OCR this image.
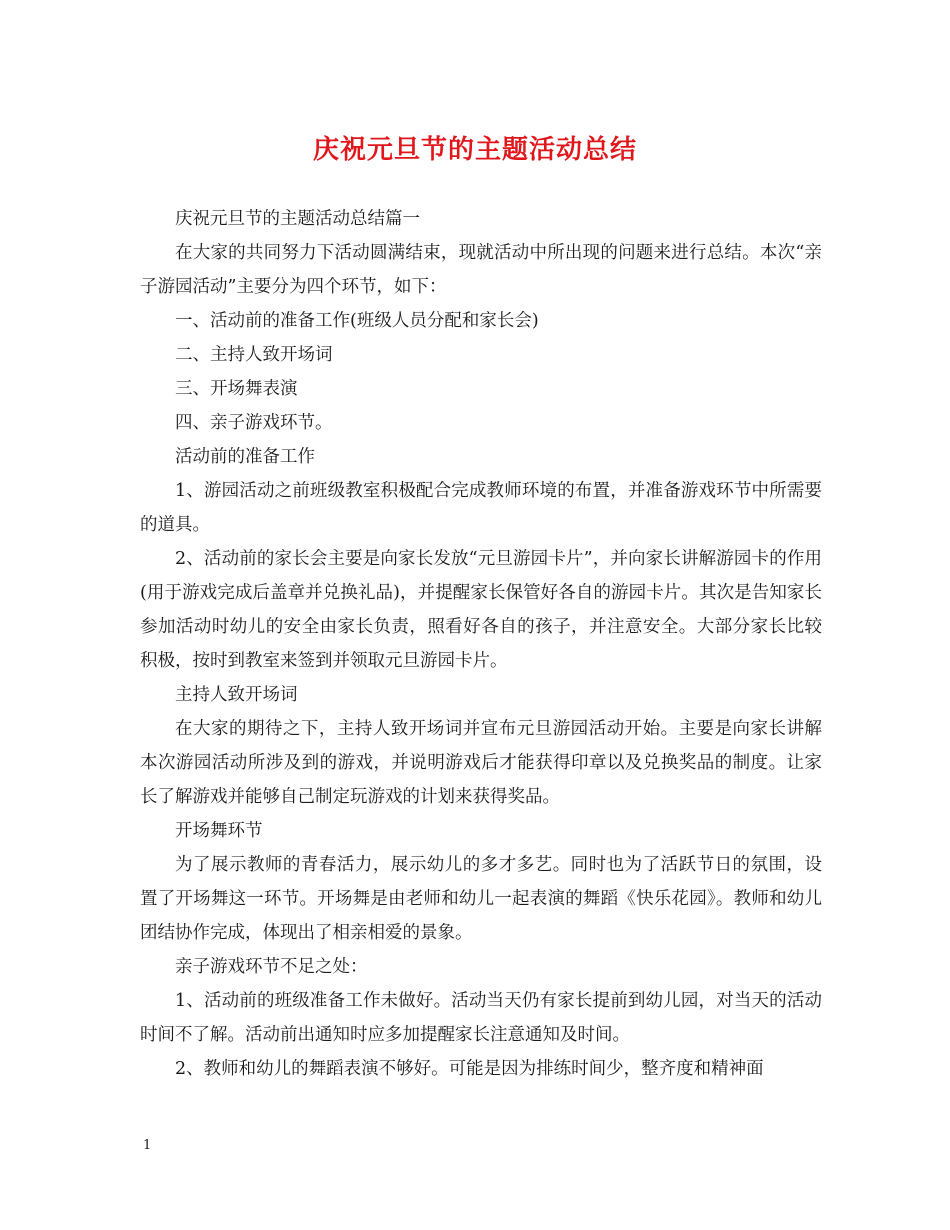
庆祝元旦节的主题活动总结

庆祝元旦节的主题活动总结篇一

在大家的共同努力下活动圆满结束，现就活动中所出现的问题来进行总结。本次“亲子游园活动”主要分为四个环节，如下：

一、活动前的准备工作(班级人员分配和家长会)

二、主持人致开场词

三、开场舞表演

四、亲子游戏环节。

活动前的准备工作

1、游园活动之前班级教室积极配合完成教师环境的布置，并准备游戏环节中所需要的道具。

2、活动前的家长会主要是向家长发放“元旦游园卡片”，并向家长讲解游园卡的作用(用于游戏完成后盖章并兑换礼品)，并提醒家长保管好各自的游园卡片。其次是告知家长参加活动时幼儿的安全由家长负责，照看好各自的孩子，并注意安全。大部分家长比较积极，按时到教室来签到并领取元旦游园卡片。

主持人致开场词

在大家的期待之下，主持人致开场词并宣布元旦游园活动开始。主要是向家长讲解本次游园活动所涉及到的游戏，并说明游戏后才能获得印章以及兑换奖品的制度。让家长了解游戏并能够自己制定玩游戏的计划来获得奖品。

开场舞环节

为了展示教师的青春活力，展示幼儿的多才多艺。同时也为了活跃节日的氛围，设置了开场舞这一环节。开场舞是由老师和幼儿一起表演的舞蹈《快乐花园》。教师和幼儿团结协作完成，体现出了相亲相爱的景象。

亲子游戏环节不足之处：

1、活动前的班级准备工作未做好。活动当天仍有家长提前到幼儿园，对当天的活动时间不了解。活动前出通知时应多加提醒家长注意通知及时间。

2、教师和幼儿的舞蹈表演不够好。可能是因为排练时间少，整齐度和精神面

1
